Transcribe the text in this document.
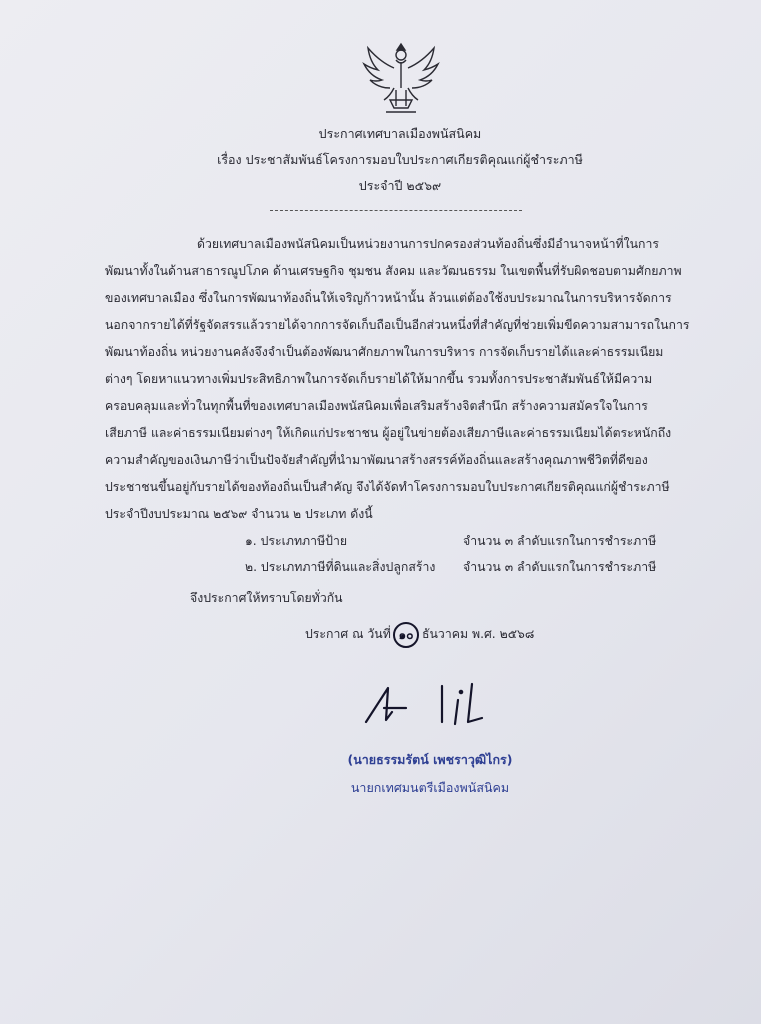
ประกาศเทศบาลเมืองพนัสนิคม
เรื่อง ประชาสัมพันธ์โครงการมอบใบประกาศเกียรติคุณแก่ผู้ชำระภาษี
ประจำปี ๒๕๖๙
ด้วยเทศบาลเมืองพนัสนิคมเป็นหน่วยงานการปกครองส่วนท้องถิ่นซึ่งมีอำนาจหน้าที่ในการ
พัฒนาทั้งในด้านสาธารณูปโภค ด้านเศรษฐกิจ ชุมชน สังคม และวัฒนธรรม ในเขตพื้นที่รับผิดชอบตามศักยภาพ
ของเทศบาลเมือง ซึ่งในการพัฒนาท้องถิ่นให้เจริญก้าวหน้านั้น ล้วนแต่ต้องใช้งบประมาณในการบริหารจัดการ
นอกจากรายได้ที่รัฐจัดสรรแล้วรายได้จากการจัดเก็บถือเป็นอีกส่วนหนึ่งที่สำคัญที่ช่วยเพิ่มขีดความสามารถในการ
พัฒนาท้องถิ่น หน่วยงานคลังจึงจำเป็นต้องพัฒนาศักยภาพในการบริหาร การจัดเก็บรายได้และค่าธรรมเนียม
ต่างๆ โดยหาแนวทางเพิ่มประสิทธิภาพในการจัดเก็บรายได้ให้มากขึ้น รวมทั้งการประชาสัมพันธ์ให้มีความ
ครอบคลุมและทั่วในทุกพื้นที่ของเทศบาลเมืองพนัสนิคมเพื่อเสริมสร้างจิตสำนึก สร้างความสมัครใจในการ
เสียภาษี และค่าธรรมเนียมต่างๆ ให้เกิดแก่ประชาชน ผู้อยู่ในข่ายต้องเสียภาษีและค่าธรรมเนียมได้ตระหนักถึง
ความสำคัญของเงินภาษีว่าเป็นปัจจัยสำคัญที่นำมาพัฒนาสร้างสรรค์ท้องถิ่นและสร้างคุณภาพชีวิตที่ดีของ
ประชาชนขึ้นอยู่กับรายได้ของท้องถิ่นเป็นสำคัญ จึงได้จัดทำโครงการมอบใบประกาศเกียรติคุณแก่ผู้ชำระภาษี
ประจำปีงบประมาณ ๒๕๖๙ จำนวน ๒ ประเภท ดังนี้
๑. ประเภทภาษีป้าย	จำนวน ๓ ลำดับแรกในการชำระภาษี
๒. ประเภทภาษีที่ดินและสิ่งปลูกสร้าง จำนวน ๓ ลำดับแรกในการชำระภาษี
จึงประกาศให้ทราบโดยทั่วกัน
ประกาศ ณ วันที่ ๑๐ ธันวาคม พ.ศ. ๒๕๖๘
(นายธรรมรัตน์ เพชราวุฒิไกร)
นายกเทศมนตรีเมืองพนัสนิคม
